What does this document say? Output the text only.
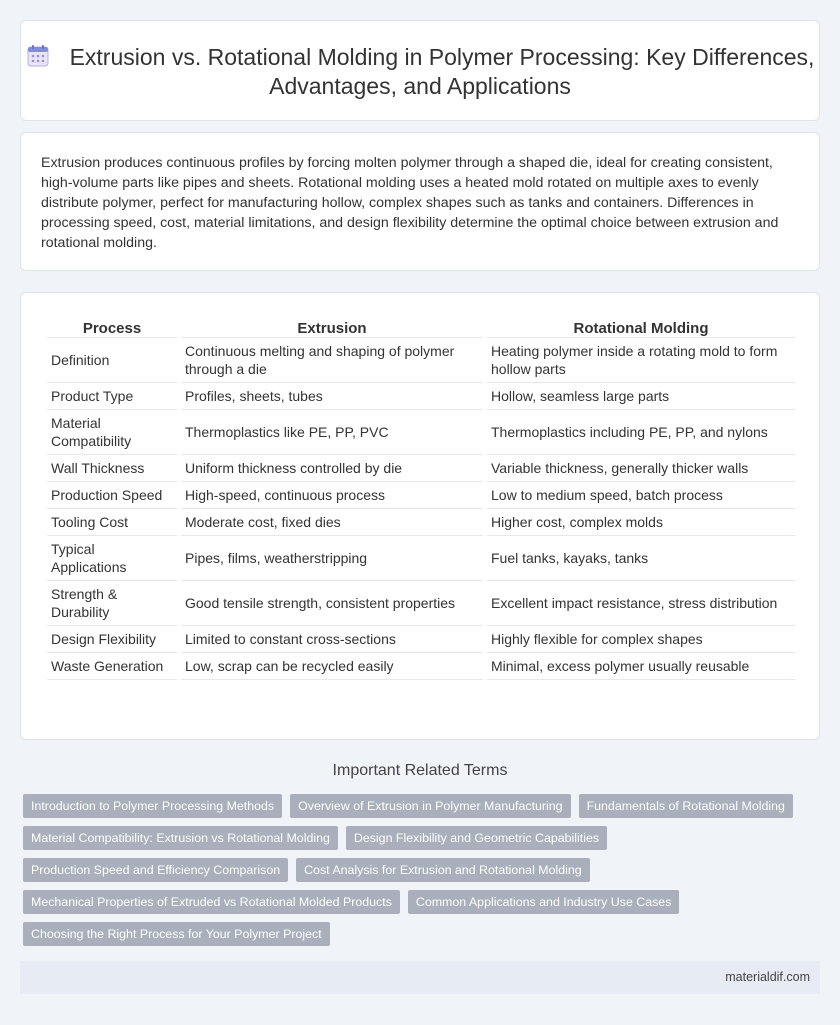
Extrusion vs. Rotational Molding in Polymer Processing: Key Differences, Advantages, and Applications

Extrusion produces continuous profiles by forcing molten polymer through a shaped die, ideal for creating consistent, high-volume parts like pipes and sheets. Rotational molding uses a heated mold rotated on multiple axes to evenly distribute polymer, perfect for manufacturing hollow, complex shapes such as tanks and containers. Differences in processing speed, cost, material limitations, and design flexibility determine the optimal choice between extrusion and rotational molding.

Process	Extrusion	Rotational Molding
Definition	Continuous melting and shaping of polymer through a die	Heating polymer inside a rotating mold to form hollow parts
Product Type	Profiles, sheets, tubes	Hollow, seamless large parts
Material Compatibility	Thermoplastics like PE, PP, PVC	Thermoplastics including PE, PP, and nylons
Wall Thickness	Uniform thickness controlled by die	Variable thickness, generally thicker walls
Production Speed	High-speed, continuous process	Low to medium speed, batch process
Tooling Cost	Moderate cost, fixed dies	Higher cost, complex molds
Typical Applications	Pipes, films, weatherstripping	Fuel tanks, kayaks, tanks
Strength & Durability	Good tensile strength, consistent properties	Excellent impact resistance, stress distribution
Design Flexibility	Limited to constant cross-sections	Highly flexible for complex shapes
Waste Generation	Low, scrap can be recycled easily	Minimal, excess polymer usually reusable
Important Related Terms
Introduction to Polymer Processing Methods	Overview of Extrusion in Polymer Manufacturing	Fundamentals of Rotational Molding
Material Compatibility: Extrusion vs Rotational Molding	Design Flexibility and Geometric Capabilities
Production Speed and Efficiency Comparison	Cost Analysis for Extrusion and Rotational Molding
Mechanical Properties of Extruded vs Rotational Molded Products	Common Applications and Industry Use Cases
Choosing the Right Process for Your Polymer Project
materialdif.com
